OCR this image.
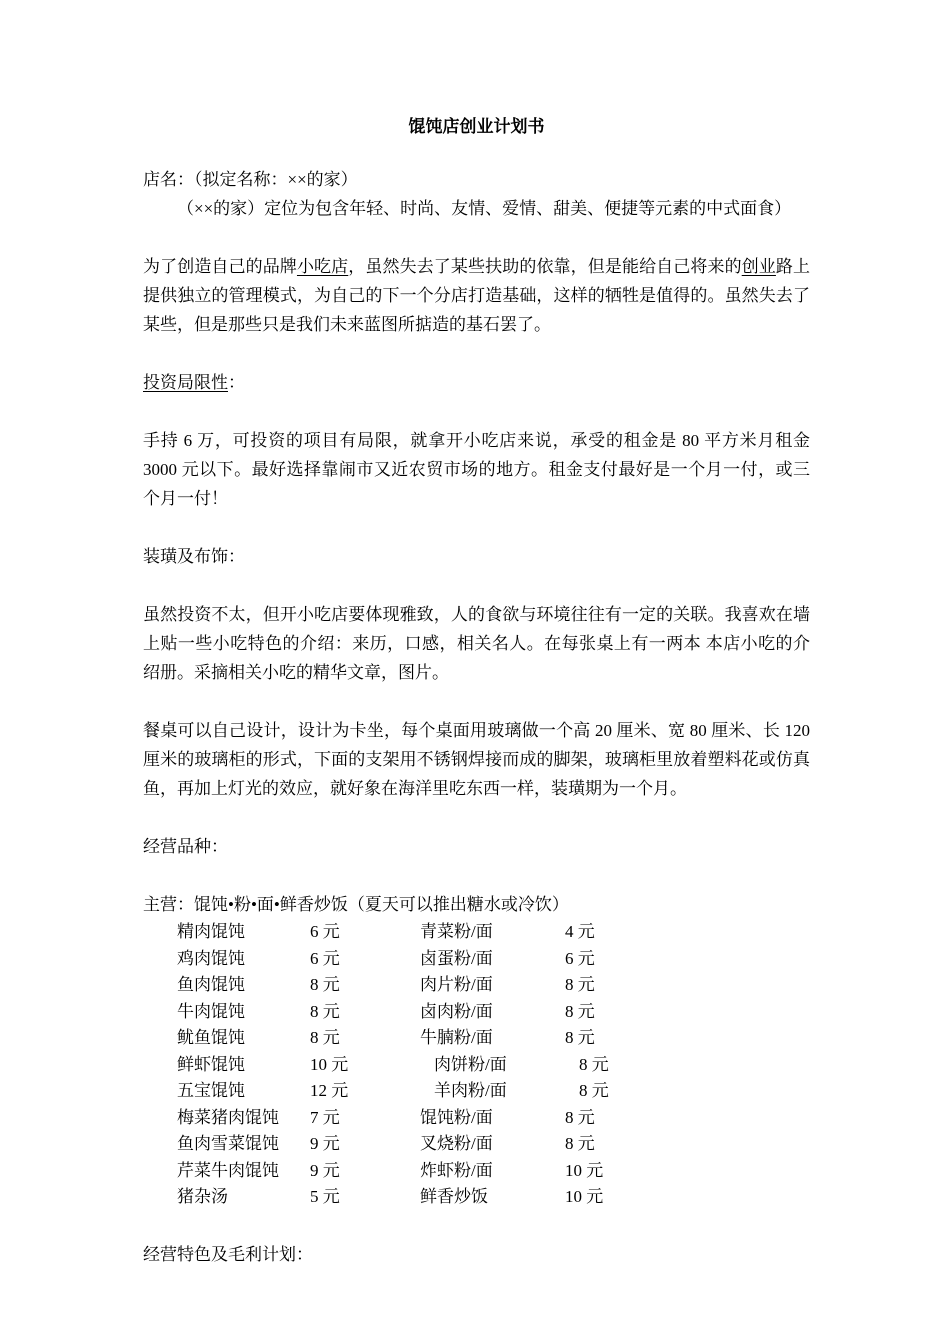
馄饨店创业计划书
店名：（拟定名称：××的家）
（××的家）定位为包含年轻、时尚、友情、爱情、甜美、便捷等元素的中式面食）

为了创造自己的品牌小吃店，虽然失去了某些扶助的依靠，但是能给自己将来的创业路上提供独立的管理模式，为自己的下一个分店打造基础，这样的牺牲是值得的。虽然失去了某些，但是那些只是我们未来蓝图所掂造的基石罢了。

投资局限性：

手持 6 万，可投资的项目有局限，就拿开小吃店来说，承受的租金是 80 平方米月租金 3000 元以下。最好选择靠闹市又近农贸市场的地方。租金支付最好是一个月一付，或三个月一付！

装璜及布饰：

虽然投资不太，但开小吃店要体现雅致，人的食欲与环境往往有一定的关联。我喜欢在墙上贴一些小吃特色的介绍：来历，口感，相关名人。在每张桌上有一两本 本店小吃的介绍册。采摘相关小吃的精华文章，图片。

餐桌可以自己设计，设计为卡坐，每个桌面用玻璃做一个高 20 厘米、宽 80 厘米、长 120 厘米的玻璃柜的形式，下面的支架用不锈钢焊接而成的脚架，玻璃柜里放着塑料花或仿真鱼，再加上灯光的效应，就好象在海洋里吃东西一样，装璜期为一个月。

经营品种：
主营：馄饨•粉•面•鲜香炒饭（夏天可以推出糖水或冷饮）
精肉馄饨	6 元	青菜粉/面	4 元
鸡肉馄饨	6 元	卤蛋粉/面	6 元
鱼肉馄饨	8 元	肉片粉/面	8 元
牛肉馄饨	8 元	卤肉粉/面	8 元
鱿鱼馄饨	8 元	牛腩粉/面	8 元
鲜虾馄饨	10 元	肉饼粉/面	8 元
五宝馄饨	12 元	羊肉粉/面	8 元
梅菜猪肉馄饨	7 元	馄饨粉/面	8 元
鱼肉雪菜馄饨	9 元	叉烧粉/面	8 元
芹菜牛肉馄饨	9 元	炸虾粉/面	10 元
猪杂汤	5 元	鲜香炒饭	10 元
经营特色及毛利计划：
